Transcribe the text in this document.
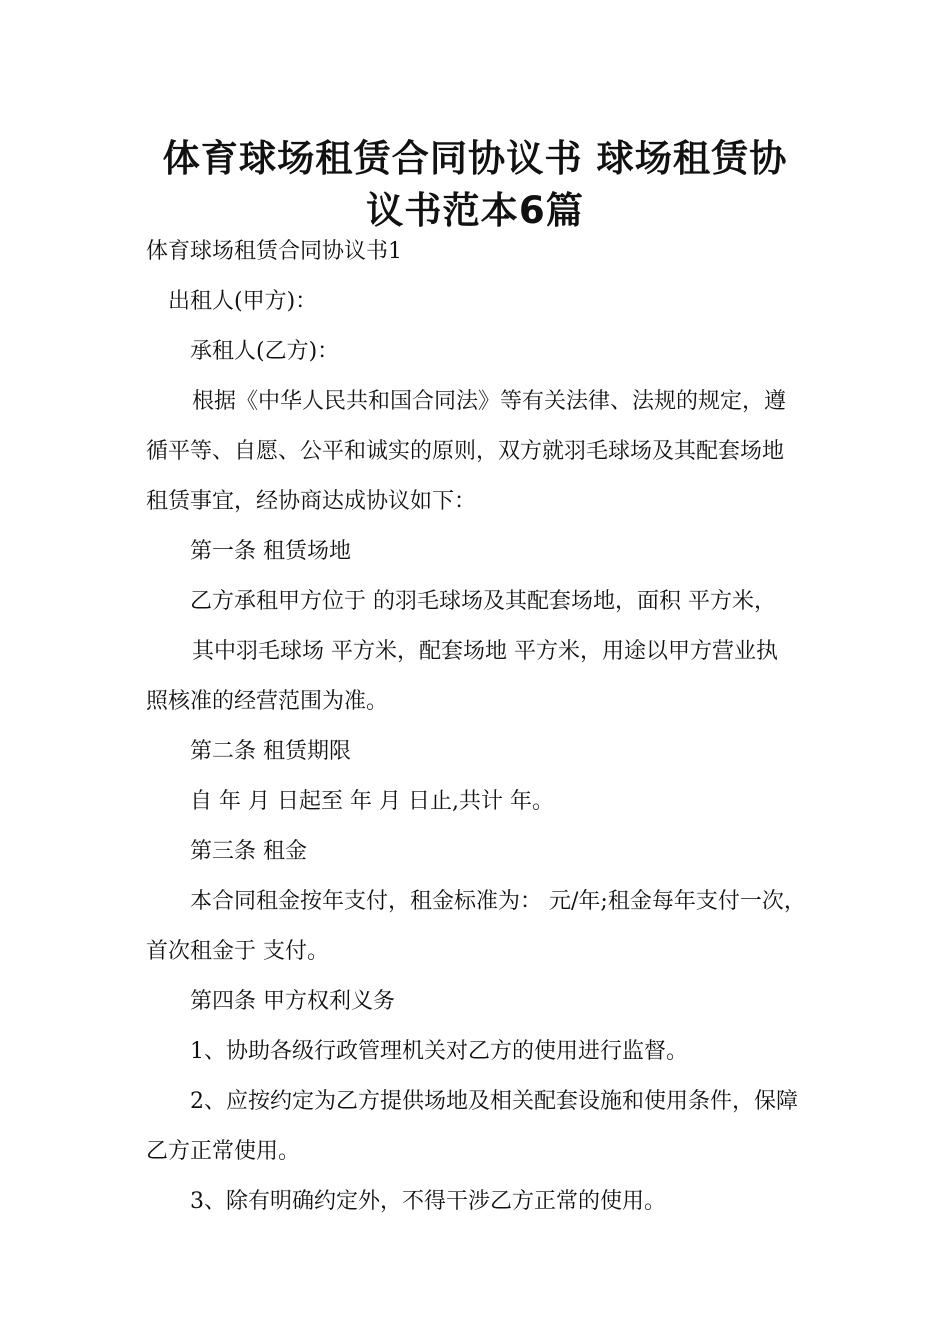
体育球场租赁合同协议书 球场租赁协
议书范本6篇
体育球场租赁合同协议书1
出租人(甲方)：
承租人(乙方)：
根据《中华人民共和国合同法》等有关法律、法规的规定，遵
循平等、自愿、公平和诚实的原则，双方就羽毛球场及其配套场地
租赁事宜，经协商达成协议如下：
第一条 租赁场地
乙方承租甲方位于 的羽毛球场及其配套场地，面积 平方米，
其中羽毛球场 平方米，配套场地 平方米，用途以甲方营业执
照核准的经营范围为准。
第二条 租赁期限
自 年 月 日起至 年 月 日止,共计 年。
第三条 租金
本合同租金按年支付，租金标准为： 元/年;租金每年支付一次，
首次租金于 支付。
第四条 甲方权利义务
1、协助各级行政管理机关对乙方的使用进行监督。
2、应按约定为乙方提供场地及相关配套设施和使用条件，保障
乙方正常使用。
3、除有明确约定外，不得干涉乙方正常的使用。
